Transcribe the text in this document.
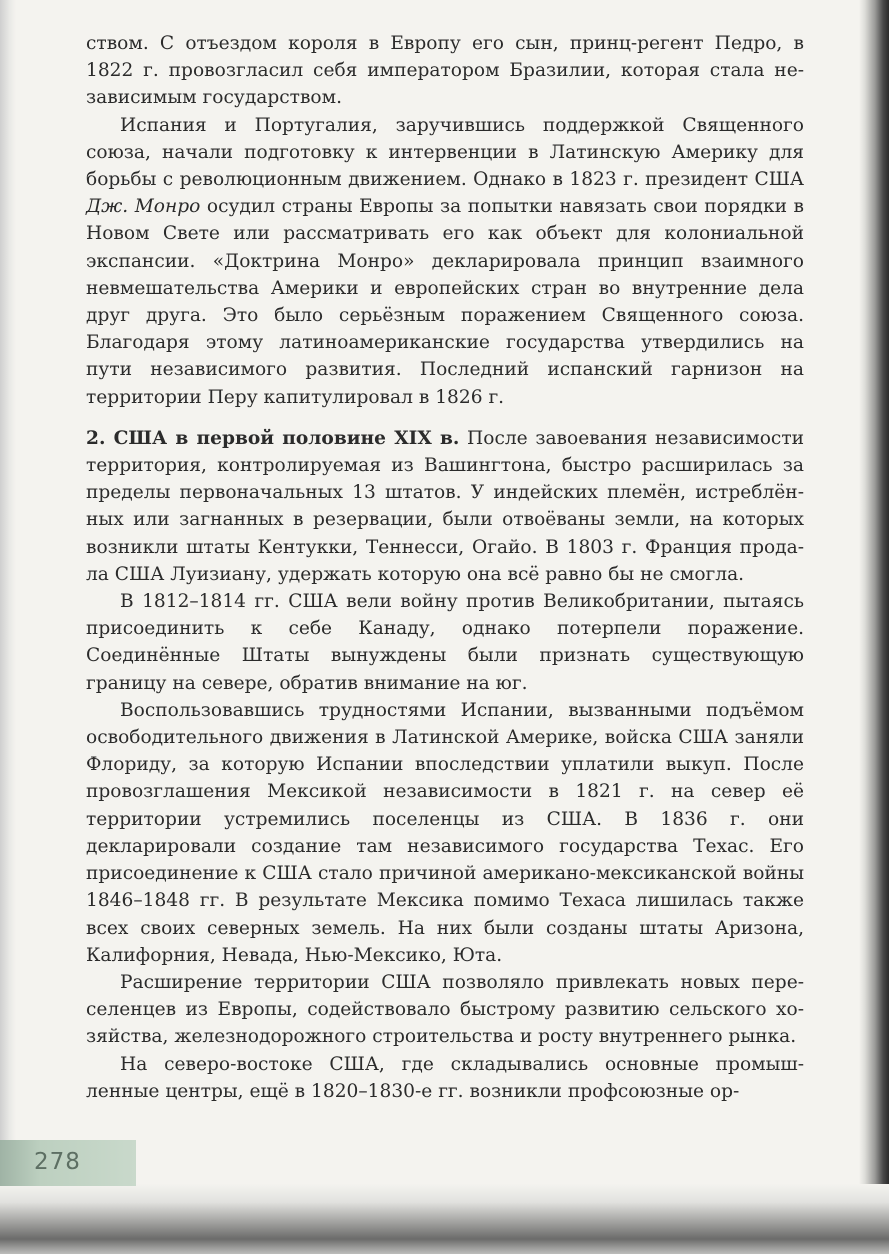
ством. С отъездом короля в Европу его сын, принц-регент Педро, в 1822 г. провозгласил себя императором Бразилии, которая стала независимым государством.

Испания и Португалия, заручившись поддержкой Священного союза, начали подготовку к интервенции в Латинскую Америку для борьбы с революционным движением. Однако в 1823 г. президент США Дж. Монро осудил страны Европы за попытки навязать свои порядки в Новом Свете или рассматривать его как объект для колониальной экспансии. «Доктрина Монро» декларировала принцип взаимного невмешательства Америки и европейских стран во внутренние дела друг друга. Это было серьёзным поражением Священного союза. Благодаря этому латиноамериканские государства утвердились на пути независимого развития. Последний испанский гарнизон на территории Перу капитулировал в 1826 г.

2. США в первой половине XIX в. После завоевания независимости территория, контролируемая из Вашингтона, быстро расширилась за пределы первоначальных 13 штатов. У индейских племён, истреблённых или загнанных в резервации, были отвоёваны земли, на которых возникли штаты Кентукки, Теннесси, Огайо. В 1803 г. Франция продала США Луизиану, удержать которую она всё равно бы не смогла.

В 1812–1814 гг. США вели войну против Великобритании, пытаясь присоединить к себе Канаду, однако потерпели поражение. Соединённые Штаты вынуждены были признать существующую границу на севере, обратив внимание на юг.

Воспользовавшись трудностями Испании, вызванными подъёмом освободительного движения в Латинской Америке, войска США заняли Флориду, за которую Испании впоследствии уплатили выкуп. После провозглашения Мексикой независимости в 1821 г. на север её территории устремились поселенцы из США. В 1836 г. они декларировали создание там независимого государства Техас. Его присоединение к США стало причиной американо-мексиканской войны 1846–1848 гг. В результате Мексика помимо Техаса лишилась также всех своих северных земель. На них были созданы штаты Аризона, Калифорния, Невада, Нью-Мексико, Юта.

Расширение территории США позволяло привлекать новых переселенцев из Европы, содействовало быстрому развитию сельского хозяйства, железнодорожного строительства и росту внутреннего рынка.

На северо-востоке США, где складывались основные промышленные центры, ещё в 1820–1830-е гг. возникли профсоюзные ор-

278
